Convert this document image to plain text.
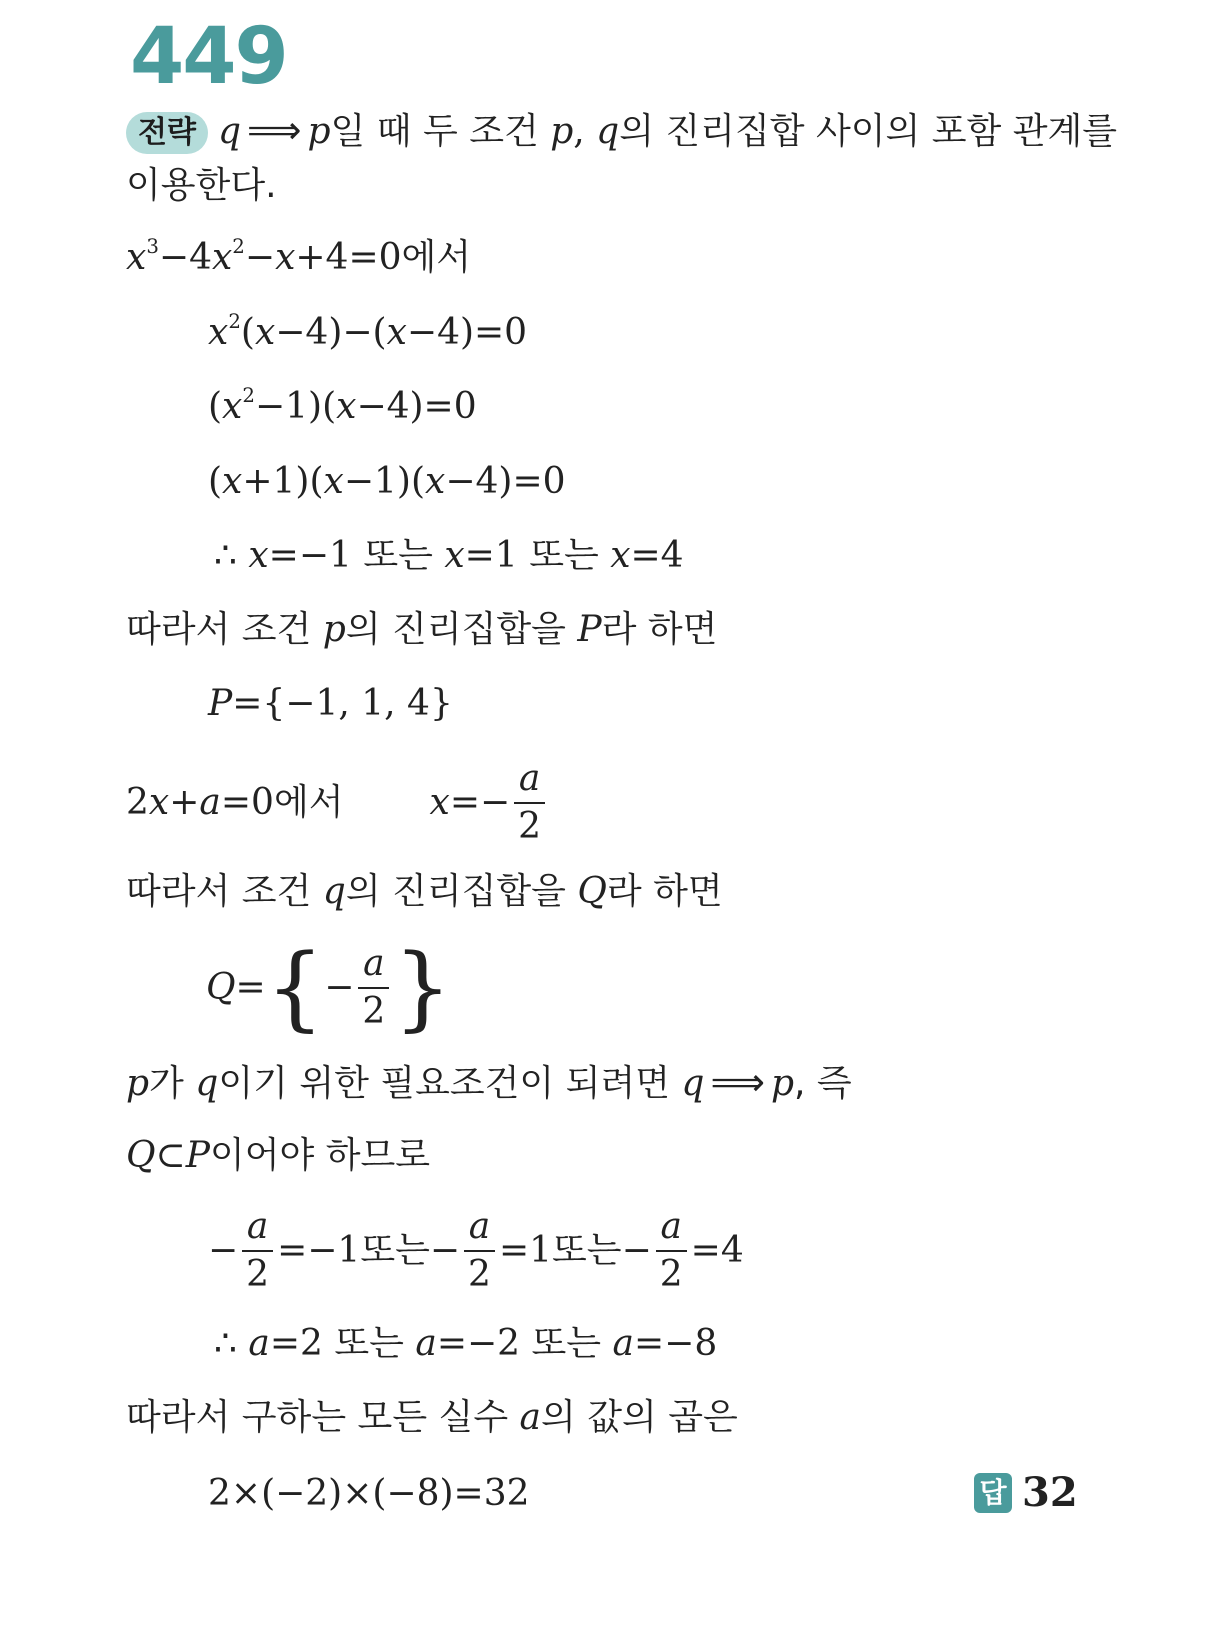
449
전략 q ⟹ p일 때 두 조건 p, q의 진리집합 사이의 포함 관계를
이용한다.
$x^3-4x^2-x+4=0$에서
$x^2(x-4)-(x-4)=0$
$(x^2-1)(x-4)=0$
(x+1)(x−1)(x−4)=0
∴ x=−1 또는 x=1 또는 x=4
따라서 조건 p의 진리집합을 P라 하면
P={−1, 1, 4}
2 x + a =0 에서 $x =- \frac{a}{2}$
따라서 조건 q의 진리집합을 Q라 하면
Q = { − $\frac{a}{2}$ }
p가 q이기 위한 필요조건이 되려면 q ⟹ p, 즉
Q⊂P이어야 하므로
− $\frac{a}{2} =-1$ 또는 − $\frac{a}{2} =1$ 또는 − $\frac{a}{2} =4$
∴ a=2 또는 a=−2 또는 a=−8
따라서 구하는 모든 실수 a의 값의 곱은
2×(−2)×(−8)=32	답 32
